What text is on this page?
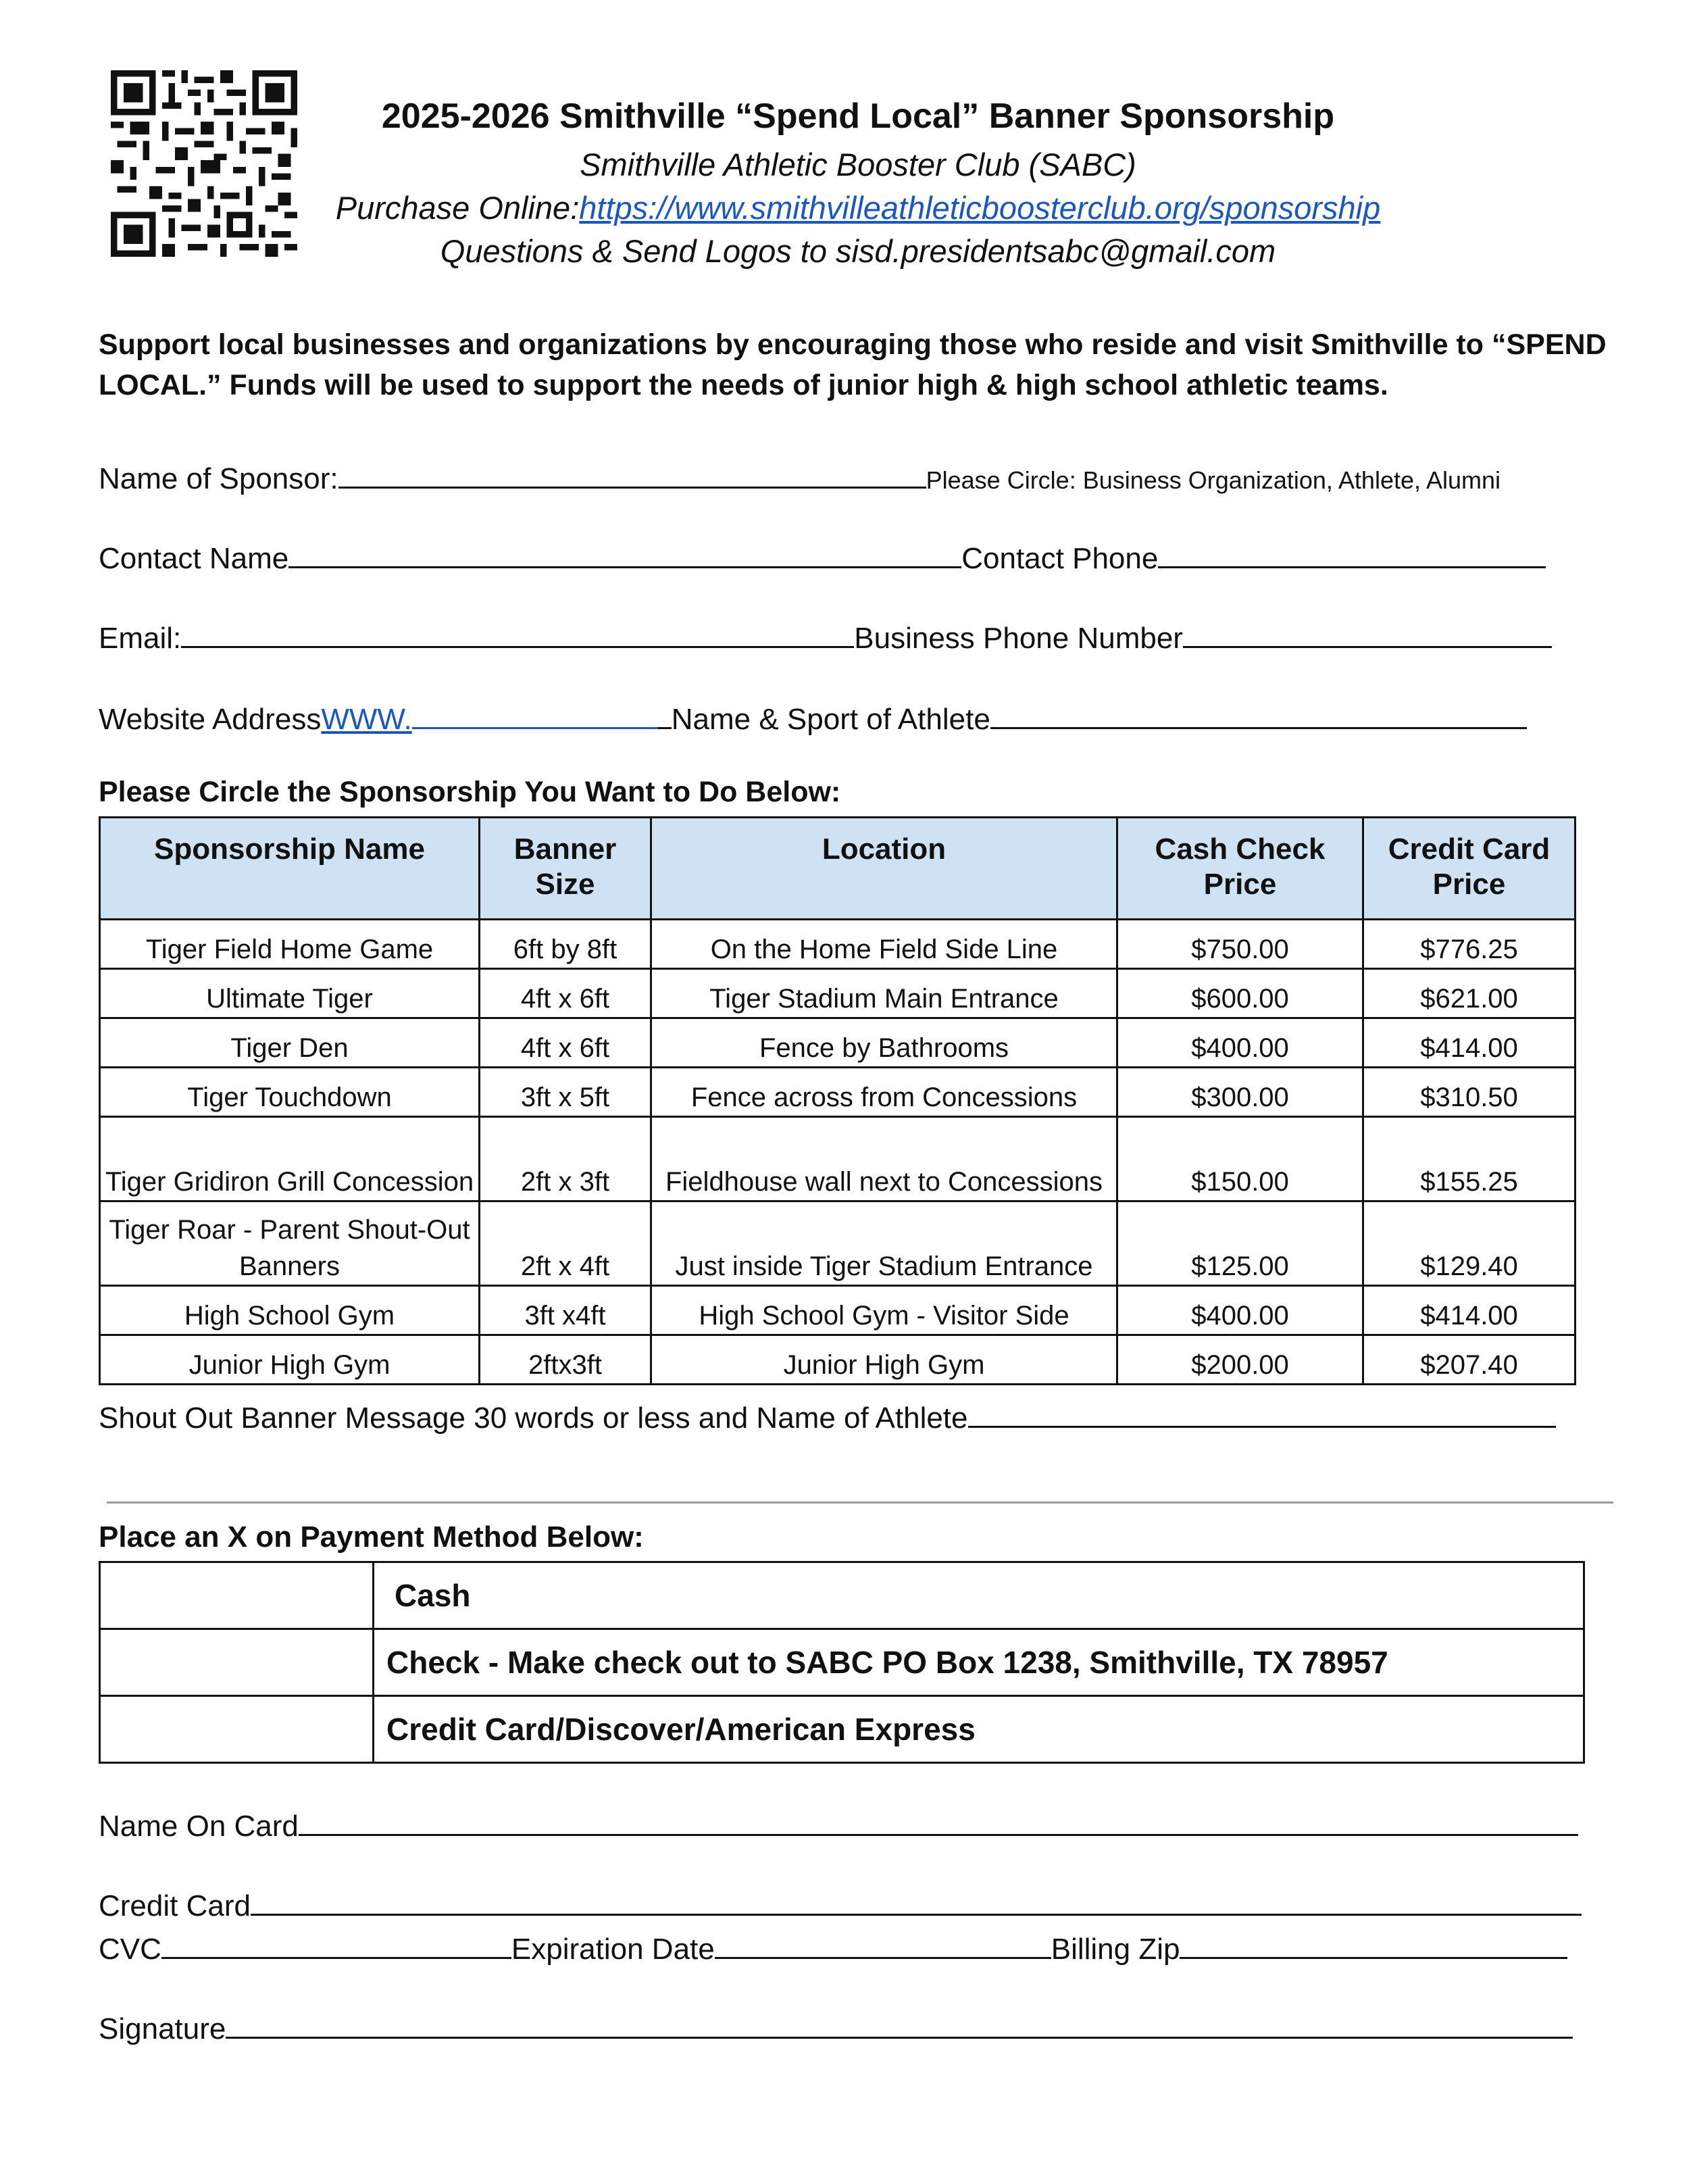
2025-2026 Smithville “Spend Local” Banner Sponsorship
Smithville Athletic Booster Club (SABC)
Purchase Online:https://www.smithvilleathleticboosterclub.org/sponsorship
Questions & Send Logos to sisd.presidentsabc@gmail.com
Support local businesses and organizations by encouraging those who reside and visit Smithville to “SPEND LOCAL.” Funds will be used to support the needs of junior high & high school athletic teams.
Name of Sponsor:	Please Circle: Business Organization, Athlete, Alumni
Contact Name	Contact Phone
Email:	Business Phone Number
Website AddressWWW.	Name & Sport of Athlete
Please Circle the Sponsorship You Want to Do Below:
Sponsorship Name	Banner Size	Location	Cash Check Price	Credit Card Price
Tiger Field Home Game	6ft by 8ft	On the Home Field Side Line	$750.00	$776.25
Ultimate Tiger	4ft x 6ft	Tiger Stadium Main Entrance	$600.00	$621.00
Tiger Den	4ft x 6ft	Fence by Bathrooms	$400.00	$414.00
Tiger Touchdown	3ft x 5ft	Fence across from Concessions	$300.00	$310.50
Tiger Gridiron Grill Concession	2ft x 3ft	Fieldhouse wall next to Concessions	$150.00	$155.25
Tiger Roar - Parent Shout-Out Banners	2ft x 4ft	Just inside Tiger Stadium Entrance	$125.00	$129.40
High School Gym	3ft x4ft	High School Gym - Visitor Side	$400.00	$414.00
Junior High Gym	2ftx3ft	Junior High Gym	$200.00	$207.40
Shout Out Banner Message 30 words or less and Name of Athlete
Place an X on Payment Method Below:
	Cash
	Check - Make check out to SABC PO Box 1238, Smithville, TX 78957
	Credit Card/Discover/American Express
Name On Card
Credit Card
CVC	Expiration Date	Billing Zip
Signature
